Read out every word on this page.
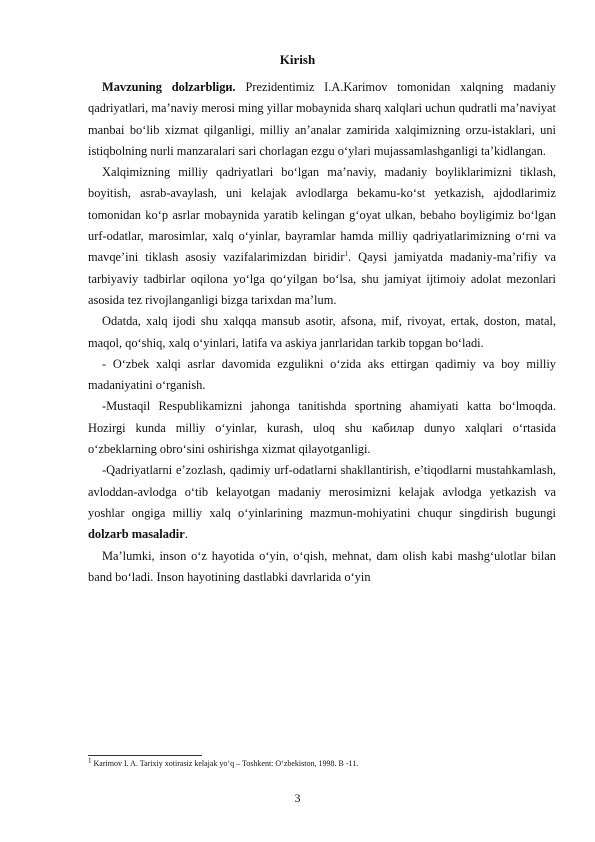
Kirish

Mavzuning dolzarbligи. Prezidentimiz I.A.Karimov tomonidan xalqning madaniy qadriyatlari, ma’naviy merosi ming yillar mobaynida sharq xalqlari uchun qudratli ma’naviyat manbai bo‘lib xizmat qilganligi, milliy an’analar zamirida xalqimizning orzu-istaklari, uni istiqbolning nurli manzaralari sari chorlagan ezgu o‘ylari mujassamlashganligi ta’kidlangan.

Xalqimizning milliy qadriyatlari bo‘lgan ma’naviy, madaniy boyliklarimizni tiklash, boyitish, asrab-avaylash, uni kelajak avlodlarga bekamu-ko‘st yetkazish, ajdodlarimiz tomonidan ko‘p asrlar mobaynida yaratib kelingan g‘oyat ulkan, bebaho boyligimiz bo‘lgan urf-odatlar, marosimlar, xalq o‘yinlar, bayramlar hamda milliy qadriyatlarimizning o‘rni va mavqe’ini tiklash asosiy vazifalarimizdan biridir$^1$. Qaysi jamiyatda madaniy-ma’rifiy va tarbiyaviy tadbirlar oqilona yo‘lga qo‘yilgan bo‘lsa, shu jamiyat ijtimoiy adolat mezonlari asosida tez rivojlanganligi bizga tarixdan ma’lum.

Odatda, xalq ijodi shu xalqqa mansub asotir, afsona, mif, rivoyat, ertak, doston, matal, maqol, qo‘shiq, xalq o‘yinlari, latifa va askiya janrlaridan tarkib topgan bo‘ladi.

- O‘zbek xalqi asrlar davomida ezgulikni o‘zida aks ettirgan qadimiy va boy milliy madaniyatini o‘rganish.

-Mustaqil Respublikamizni jahonga tanitishda sportning ahamiyati katta bo‘lmoqda. Hozirgi kunda milliy o‘yinlar, kurash, uloq shu кабилар dunyo xalqlari o‘rtasida o‘zbeklarning obro‘sini oshirishga xizmat qilayotganligi.

-Qadriyatlarni e’zozlash, qadimiy urf-odatlarni shakllantirish, e’tiqodlarni mustahkamlash, avloddan-avlodga o‘tib kelayotgan madaniy merosimizni kelajak avlodga yetkazish va yoshlar ongiga milliy xalq o‘yinlarining mazmun-mohiyatini chuqur singdirish bugungi dolzarb masaladir.

Ma’lumki, inson o‘z hayotida o‘yin, o‘qish, mehnat, dam olish kabi mashg‘ulotlar bilan band bo‘ladi. Inson hayotining dastlabki davrlarida o‘yin

$^1$ Karimov I. A. Tarixiy xotirasiz kelajak yo‘q – Toshkent: O‘zbekiston, 1998. B -11.
3
